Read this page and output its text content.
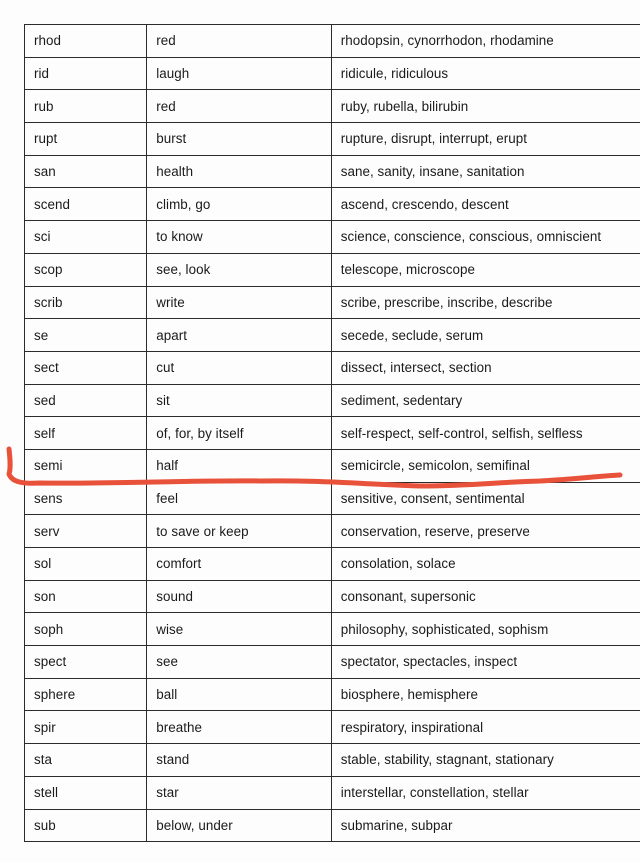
rhod	red	rhodopsin, cynorrhodon, rhodamine
rid	laugh	ridicule, ridiculous
rub	red	ruby, rubella, bilirubin
rupt	burst	rupture, disrupt, interrupt, erupt
san	health	sane, sanity, insane, sanitation
scend	climb, go	ascend, crescendo, descent
sci	to know	science, conscience, conscious, omniscient
scop	see, look	telescope, microscope
scrib	write	scribe, prescribe, inscribe, describe
se	apart	secede, seclude, serum
sect	cut	dissect, intersect, section
sed	sit	sediment, sedentary
self	of, for, by itself	self-respect, self-control, selfish, selfless
semi	half	semicircle, semicolon, semifinal
sens	feel	sensitive, consent, sentimental
serv	to save or keep	conservation, reserve, preserve
sol	comfort	consolation, solace
son	sound	consonant, supersonic
soph	wise	philosophy, sophisticated, sophism
spect	see	spectator, spectacles, inspect
sphere	ball	biosphere, hemisphere
spir	breathe	respiratory, inspirational
sta	stand	stable, stability, stagnant, stationary
stell	star	interstellar, constellation, stellar
sub	below, under	submarine, subpar
